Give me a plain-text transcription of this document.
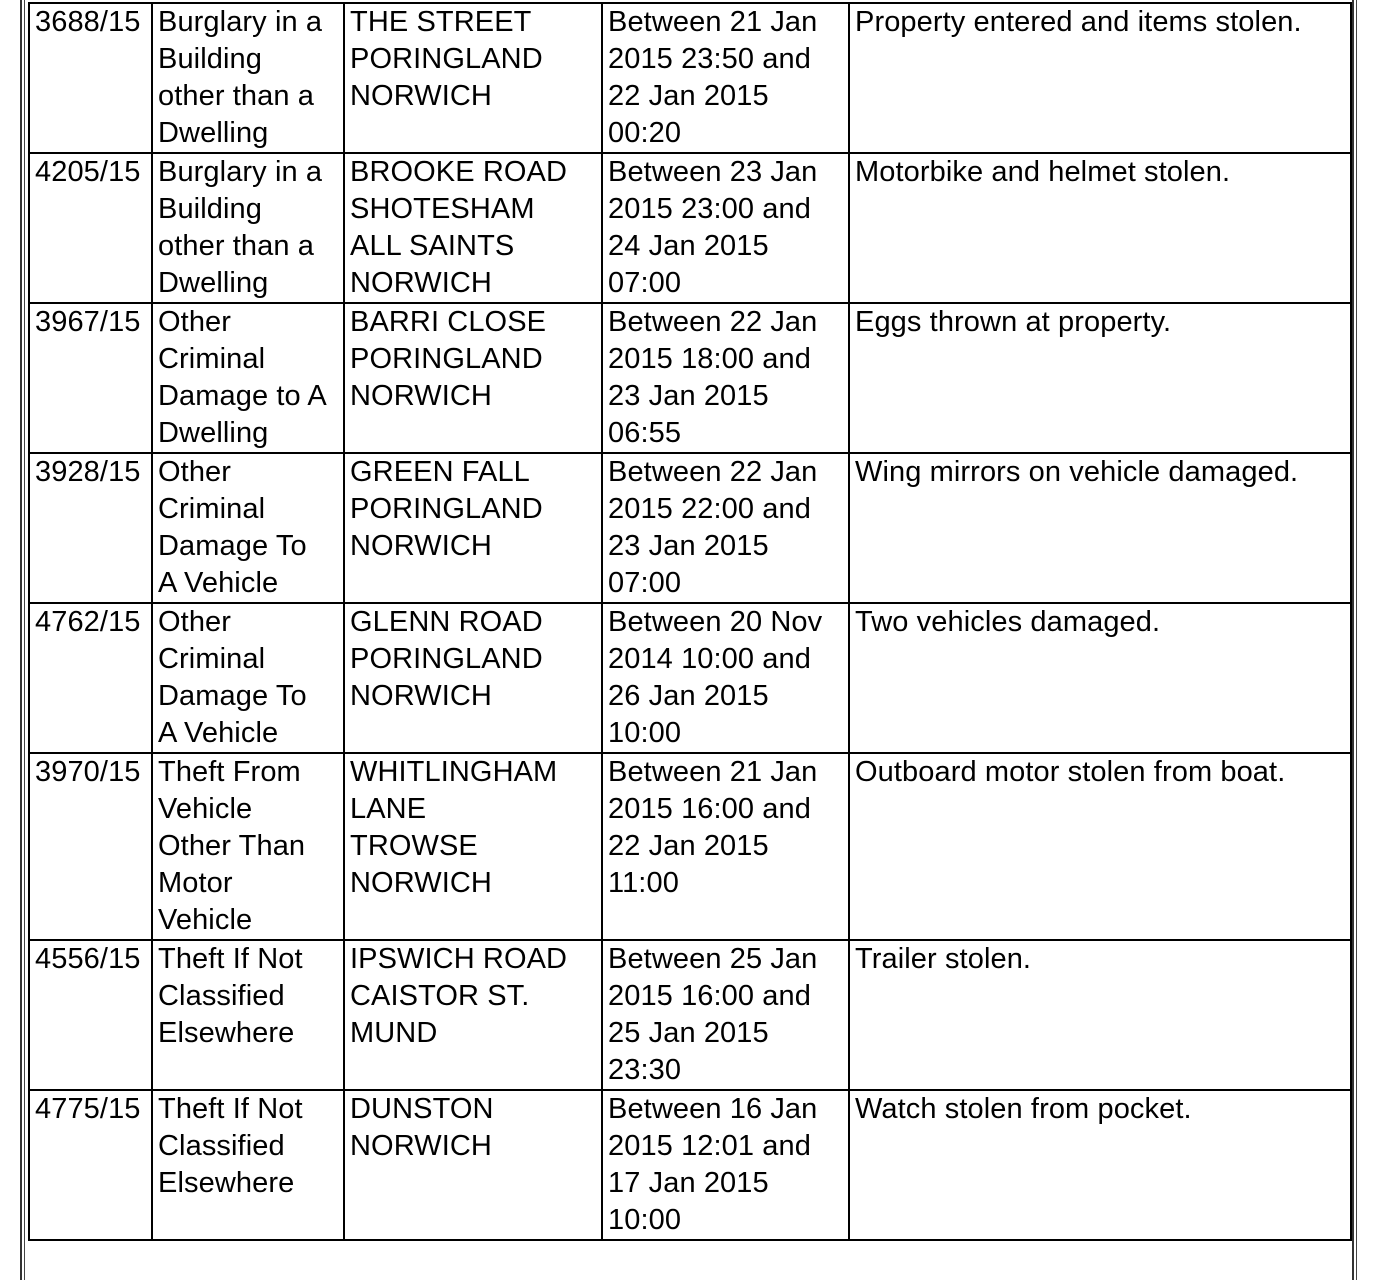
3688/15	Burglary in a
Building
other than a
Dwelling	THE STREET
PORINGLAND
NORWICH	Between 21 Jan
2015 23:50 and
22 Jan 2015
00:20	Property entered and items stolen.
4205/15	Burglary in a
Building
other than a
Dwelling	BROOKE ROAD
SHOTESHAM
ALL SAINTS
NORWICH	Between 23 Jan
2015 23:00 and
24 Jan 2015
07:00	Motorbike and helmet stolen.
3967/15	Other
Criminal
Damage to A
Dwelling	BARRI CLOSE
PORINGLAND
NORWICH	Between 22 Jan
2015 18:00 and
23 Jan 2015
06:55	Eggs thrown at property.
3928/15	Other
Criminal
Damage To
A Vehicle	GREEN FALL
PORINGLAND
NORWICH	Between 22 Jan
2015 22:00 and
23 Jan 2015
07:00	Wing mirrors on vehicle damaged.
4762/15	Other
Criminal
Damage To
A Vehicle	GLENN ROAD
PORINGLAND
NORWICH	Between 20 Nov
2014 10:00 and
26 Jan 2015
10:00	Two vehicles damaged.
3970/15	Theft From
Vehicle
Other Than
Motor
Vehicle	WHITLINGHAM
LANE
TROWSE
NORWICH	Between 21 Jan
2015 16:00 and
22 Jan 2015
11:00	Outboard motor stolen from boat.
4556/15	Theft If Not
Classified
Elsewhere	IPSWICH ROAD
CAISTOR ST.
MUND	Between 25 Jan
2015 16:00 and
25 Jan 2015
23:30	Trailer stolen.
4775/15	Theft If Not
Classified
Elsewhere	DUNSTON
NORWICH	Between 16 Jan
2015 12:01 and
17 Jan 2015
10:00	Watch stolen from pocket.
